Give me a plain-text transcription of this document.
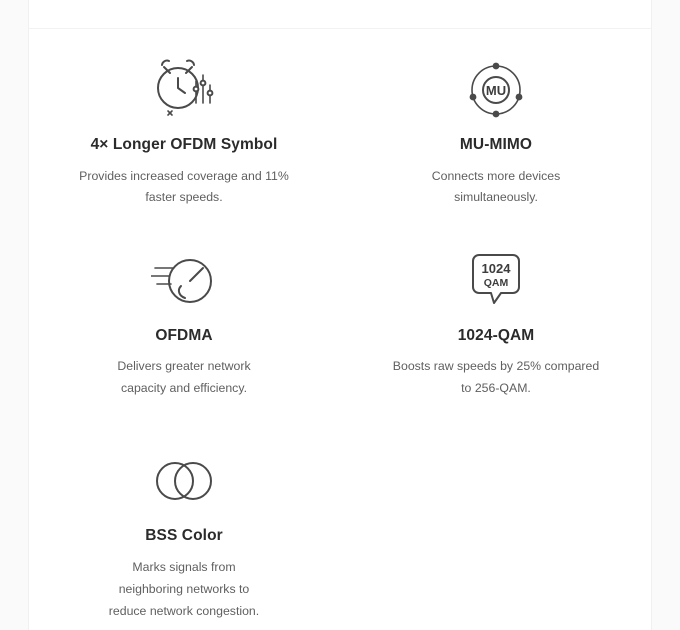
4× Longer OFDM Symbol
Provides increased coverage and 11% faster speeds.
MU
MU-MIMO
Connects more devices simultaneously.
OFDMA
Delivers greater network capacity and efficiency.
1024
QAM
1024-QAM
Boosts raw speeds by 25% compared to 256-QAM.
BSS Color
Marks signals from neighboring networks to reduce network congestion.
